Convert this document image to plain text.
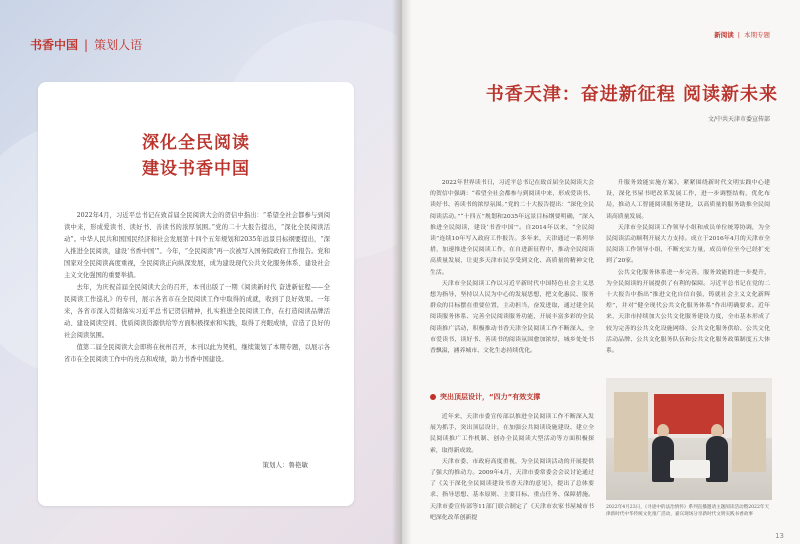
书香中国 | 策划人语
深化全民阅读
建设书香中国

2022年4月，习近平总书记在致首届全民阅读大会的贺信中指出：“希望全社会都参与到阅读中来，形成爱读书、读好书、善读书的浓厚氛围。”党的二十大报告提出，“深化全民阅读活动”。中华人民共和国国民经济和社会发展第十四个五年规划和2035年远景目标纲要提出，“深入推进全民阅读，建设‘书香中国’”。今年，“全民阅读”再一次被写入国务院政府工作报告。党和国家对全民阅读高度重视，全民阅读正向纵深发展，成为建设现代公共文化服务体系、建设社会主义文化强国的重要举措。

去年，为庆祝首届全民阅读大会的召开，本刊出版了一期《阅读新时代 奋进新征程——全民阅读工作巡礼》的专刊，展示各省市在全民阅读工作中取得的成就，收到了良好效果。一年来，各省市深入贯彻落实习近平总书记贺信精神，扎实推进全民阅读工作，在打造阅读品牌活动、建设阅读空间、优质阅读资源供给等方面积极探索和实践，取得了亮眼成绩，营造了良好的社会阅读氛围。

值第二届全民阅读大会即将在杭州召开，本刊以此为契机，继续策划了本期专题，以展示各省市在全民阅读工作中的亮点和成绩，助力书香中国建设。

策划人：鲁艳敏
新阅读 | 本期专题
书香天津：奋进新征程 阅读新未来
文/中共天津市委宣传部

2022年世界读书日，习近平总书记在致首届全民阅读大会的贺信中强调：“希望全社会都参与到阅读中来，形成爱读书、读好书、善读书的浓厚氛围。”党的二十大报告提出：“深化全民阅读活动。”“十四五”规划和2035年远景目标纲要明确，“深入推进全民阅读，建设‘书香中国’”。自2014年以来，“全民阅读”连续10年写入政府工作报告。多年来，天津通过一系列举措，加速推进全民阅读工作，在自进新征程中，推动全民阅读高质量发展，让更多天津市民享受到文化、高质量的精神文化生活。

天津市全民阅读工作以习近平新时代中国特色社会主义思想为指导，坚持以人民为中心的发展思想，把文化惠民、服务群众的目标摆在重要位置，主动担当，奋发进取，通过建全民阅读服务体系、完善全民阅读服务功能，开展丰富多彩的全民阅读推广活动，积极推动书香天津全民阅读工作不断深入，全市爱读书、读好书、善读书的阅读氛围愈加浓厚，城乡处处书香飘溢，涵养城市、文化生态持续优化。

升服务效能实施方案》，紧紧围绕新时代文明实践中心建设，深化书屋书吧改革发展工作，进一步调整结构，优化布局，推动人工智能阅读服务建设，以高质量的服务助推全民阅读高质量发展。

天津市全民阅读工作领导小组和成员单位统筹协调，为全民阅读活动顺利开展大力支持。成立于2016年4月的天津市全民阅读工作领导小组，不断充实力量，成员单位至今已经扩充到了20家。

公共文化服务体系进一步完善，服务效能的进一步提升，为全民阅读的开展提供了有利的保障。习近平总书记在党的二十大报告中指出“推进文化自信自强，铸就社会主义文化新辉煌”，并对“健全现代公共文化服务体系”作出明确要求。近年来，天津市持续加大公共文化服务建设力度，全市基本形成了较为完善的公共文化设施网络、公共文化服务供给、公共文化活动品牌、公共文化服务队伍和公共文化服务政策制度五大体系。

突出顶层设计，“四力”有效支撑

近年来，天津市委宣传部以推进全民阅读工作不断深入发展为抓手，突出顶层设计，在加强公共阅读设施建设、建立全民阅读推广工作机制、创办全民阅读大型活动等方面积极探索，取得新成效。

天津市委、市政府高度重视，为全民阅读活动的开展提供了强大的推动力。2009年4月，天津市委常委会会议讨论通过了《关于深化全民阅读建设书香天津的意见》，提出了总体要求、指导思想、基本原则、主要目标、重点任务、保障措施。天津市委宣传部等11部门联合制定了《天津市农家书屋城市书吧深化改革创新提

2022年4月23日，《寻迹中的法治情怀》系列直播邀请主题阅读活动暨2022年天津新时代中华传统文化推广活动，嘉宾现场分享新时代文明实践书香故事
13
